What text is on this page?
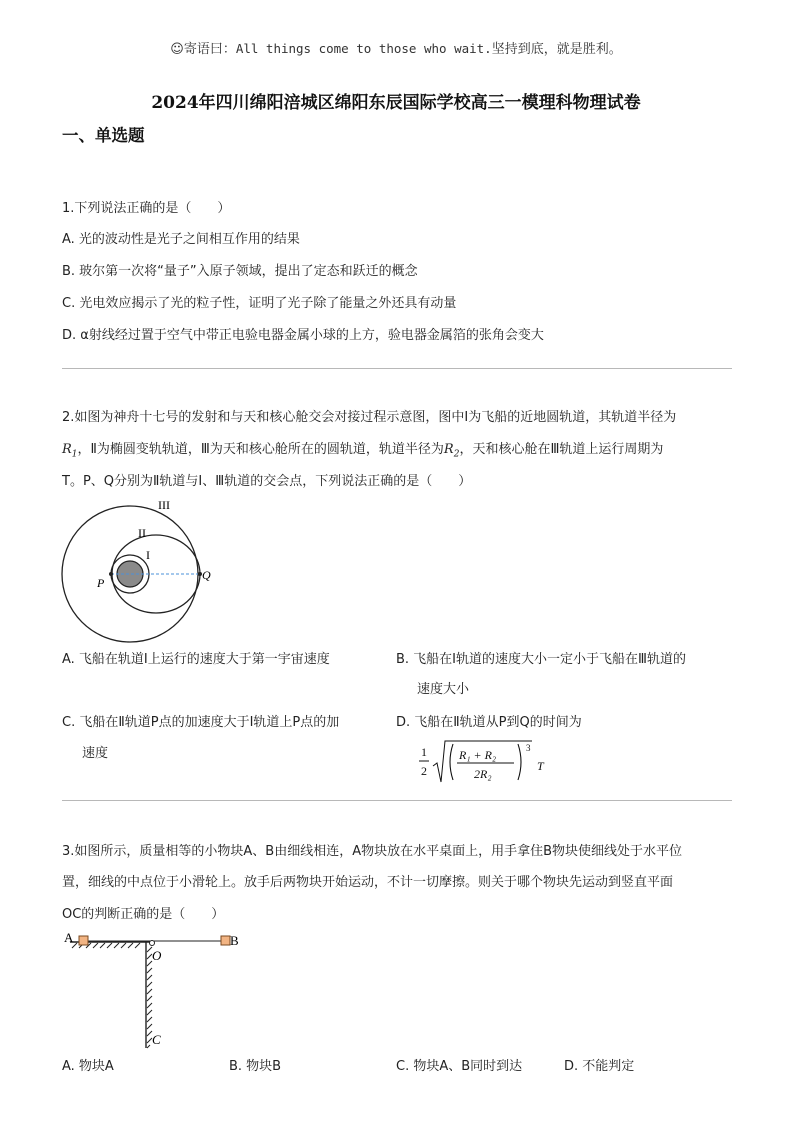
☺寄语曰：All things come to those who wait.坚持到底，就是胜利。
2024年四川绵阳涪城区绵阳东辰国际学校高三一模理科物理试卷
一、单选题
1.下列说法正确的是（　　）
A. 光的波动性是光子之间相互作用的结果
B. 玻尔第一次将“量子”入原子领域，提出了定态和跃迁的概念
C. 光电效应揭示了光的粒子性，证明了光子除了能量之外还具有动量
D. α射线经过置于空气中带正电验电器金属小球的上方，验电器金属箔的张角会变大
2.如图为神舟十七号的发射和与天和核心舱交会对接过程示意图，图中Ⅰ为飞船的近地圆轨道，其轨道半径为
$R_1$，Ⅱ为椭圆变轨轨道，Ⅲ为天和核心舱所在的圆轨道，轨道半径为$R_2$，天和核心舱在Ⅲ轨道上运行周期为
T。P、Q分别为Ⅱ轨道与Ⅰ、Ⅲ轨道的交会点，下列说法正确的是（　　）
III
II
I
P
Q
A. 飞船在轨道Ⅰ上运行的速度大于第一宇宙速度	B. 飞船在Ⅰ轨道的速度大小一定小于飞船在Ⅲ轨道的
速度大小
C. 飞船在Ⅱ轨道P点的加速度大于Ⅰ轨道上P点的加
速度
D. 飞船在Ⅱ轨道从P到Q的时间为
1
2
R₁ + R₂
2R₂
3
T
3.如图所示，质量相等的小物块A、B由细线相连，A物块放在水平桌面上，用手拿住B物块使细线处于水平位
置，细线的中点位于小滑轮上。放手后两物块开始运动，不计一切摩擦。则关于哪个物块先运动到竖直平面
OC的判断正确的是（　　）
A	B
O
C
A. 物块A	B. 物块B	C. 物块A、B同时到达	D. 不能判定
